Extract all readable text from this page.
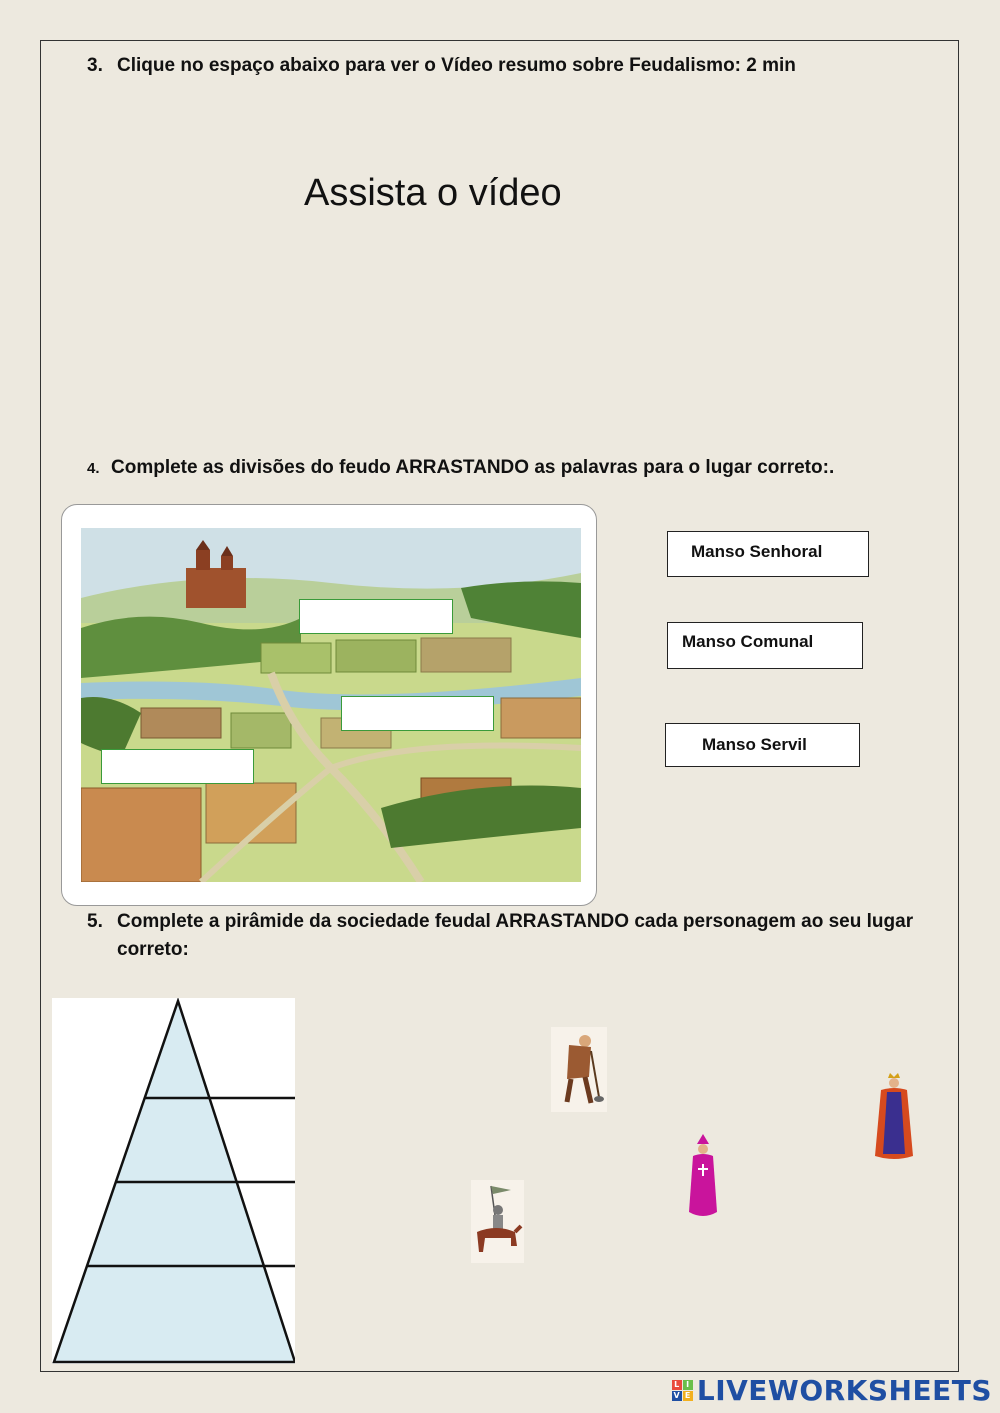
3. Clique no espaço abaixo para ver o Vídeo resumo sobre Feudalismo: 2 min
Assista o vídeo
4. Complete as divisões do feudo ARRASTANDO as palavras para o lugar correto:.
Manso Senhoral
Manso Comunal
Manso Servil
5. Complete a pirâmide da sociedade feudal ARRASTANDO cada personagem ao seu lugar correto:
L I
V E LIVEWORKSHEETS
